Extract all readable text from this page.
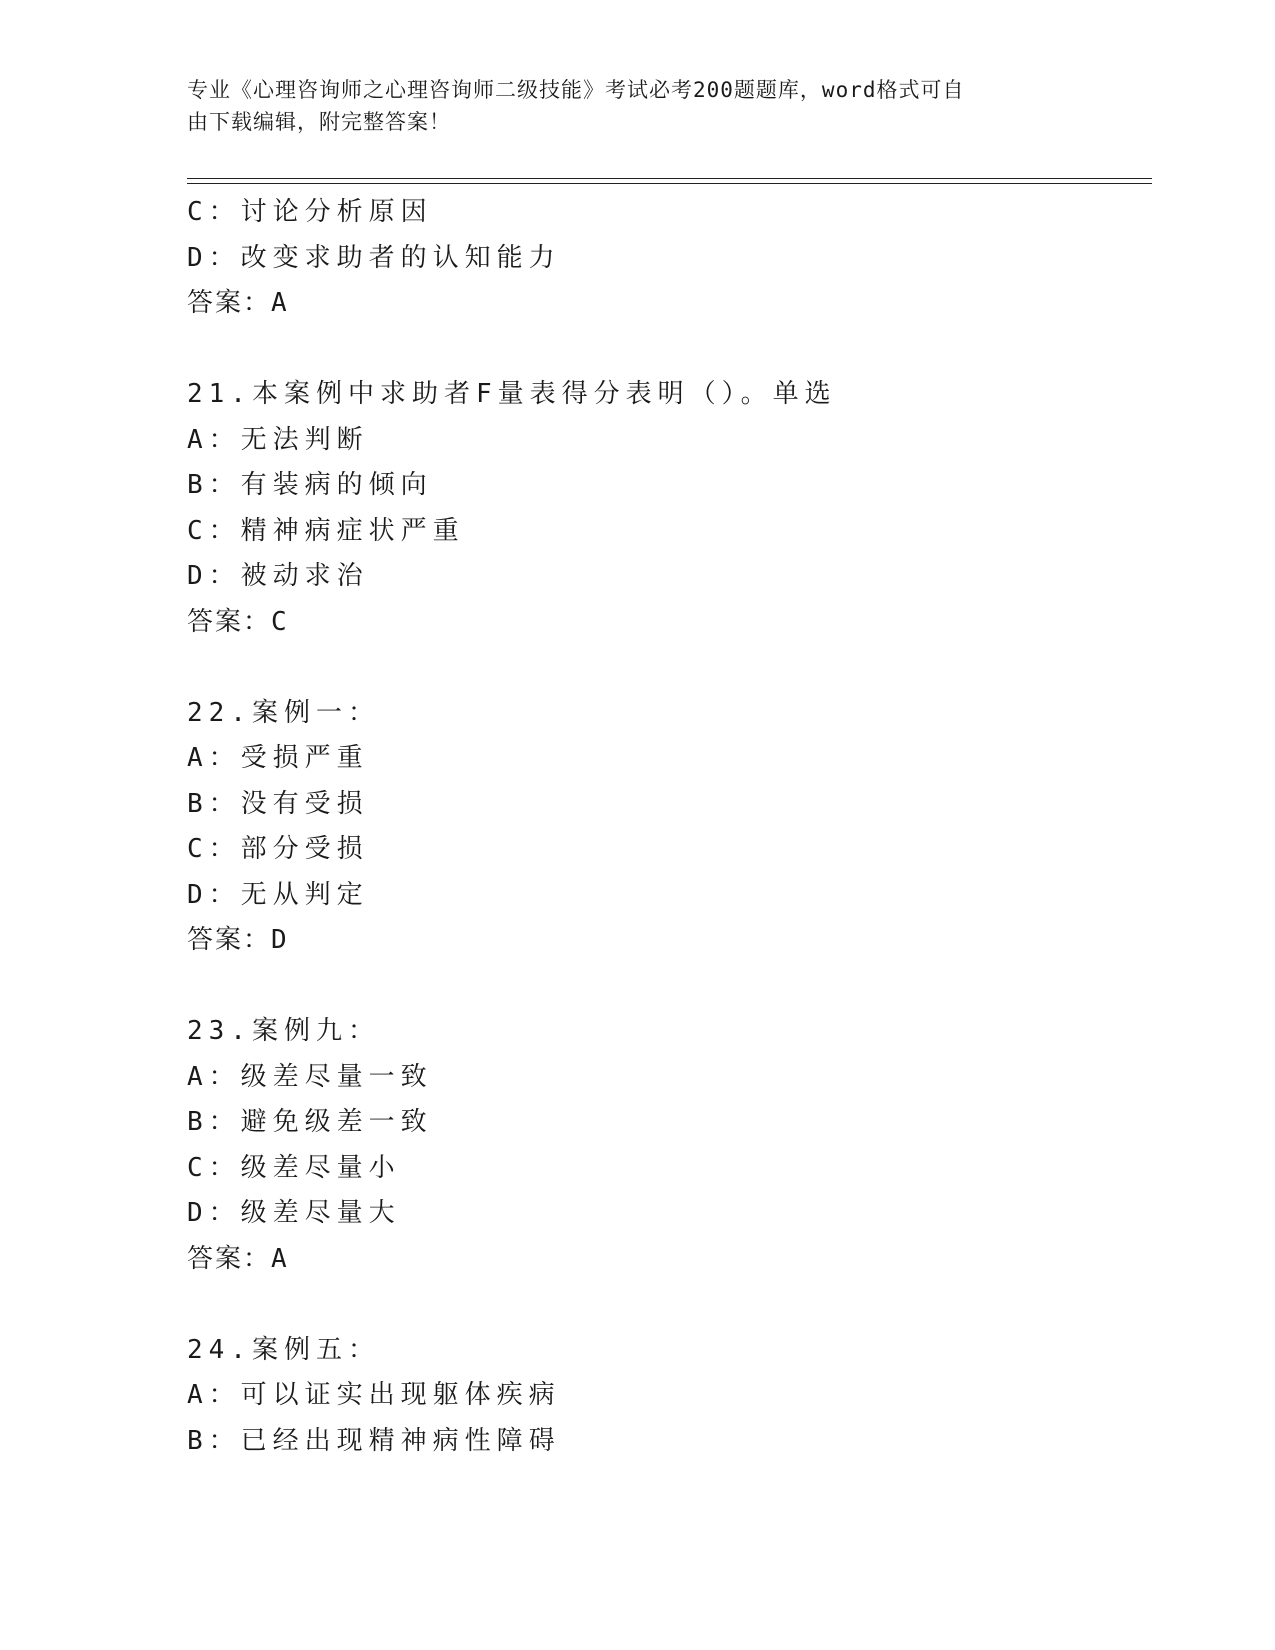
专业《心理咨询师之心理咨询师二级技能》考试必考200题题库，word格式可自
由下载编辑，附完整答案！
C：讨论分析原因
D：改变求助者的认知能力
答案：A
21.本案例中求助者F量表得分表明（）。单选
A：无法判断
B：有装病的倾向
C：精神病症状严重
D：被动求治
答案：C
22.案例一：
A：受损严重
B：没有受损
C：部分受损
D：无从判定
答案：D
23.案例九：
A：级差尽量一致
B：避免级差一致
C：级差尽量小
D：级差尽量大
答案：A
24.案例五：
A：可以证实出现躯体疾病
B：已经出现精神病性障碍
